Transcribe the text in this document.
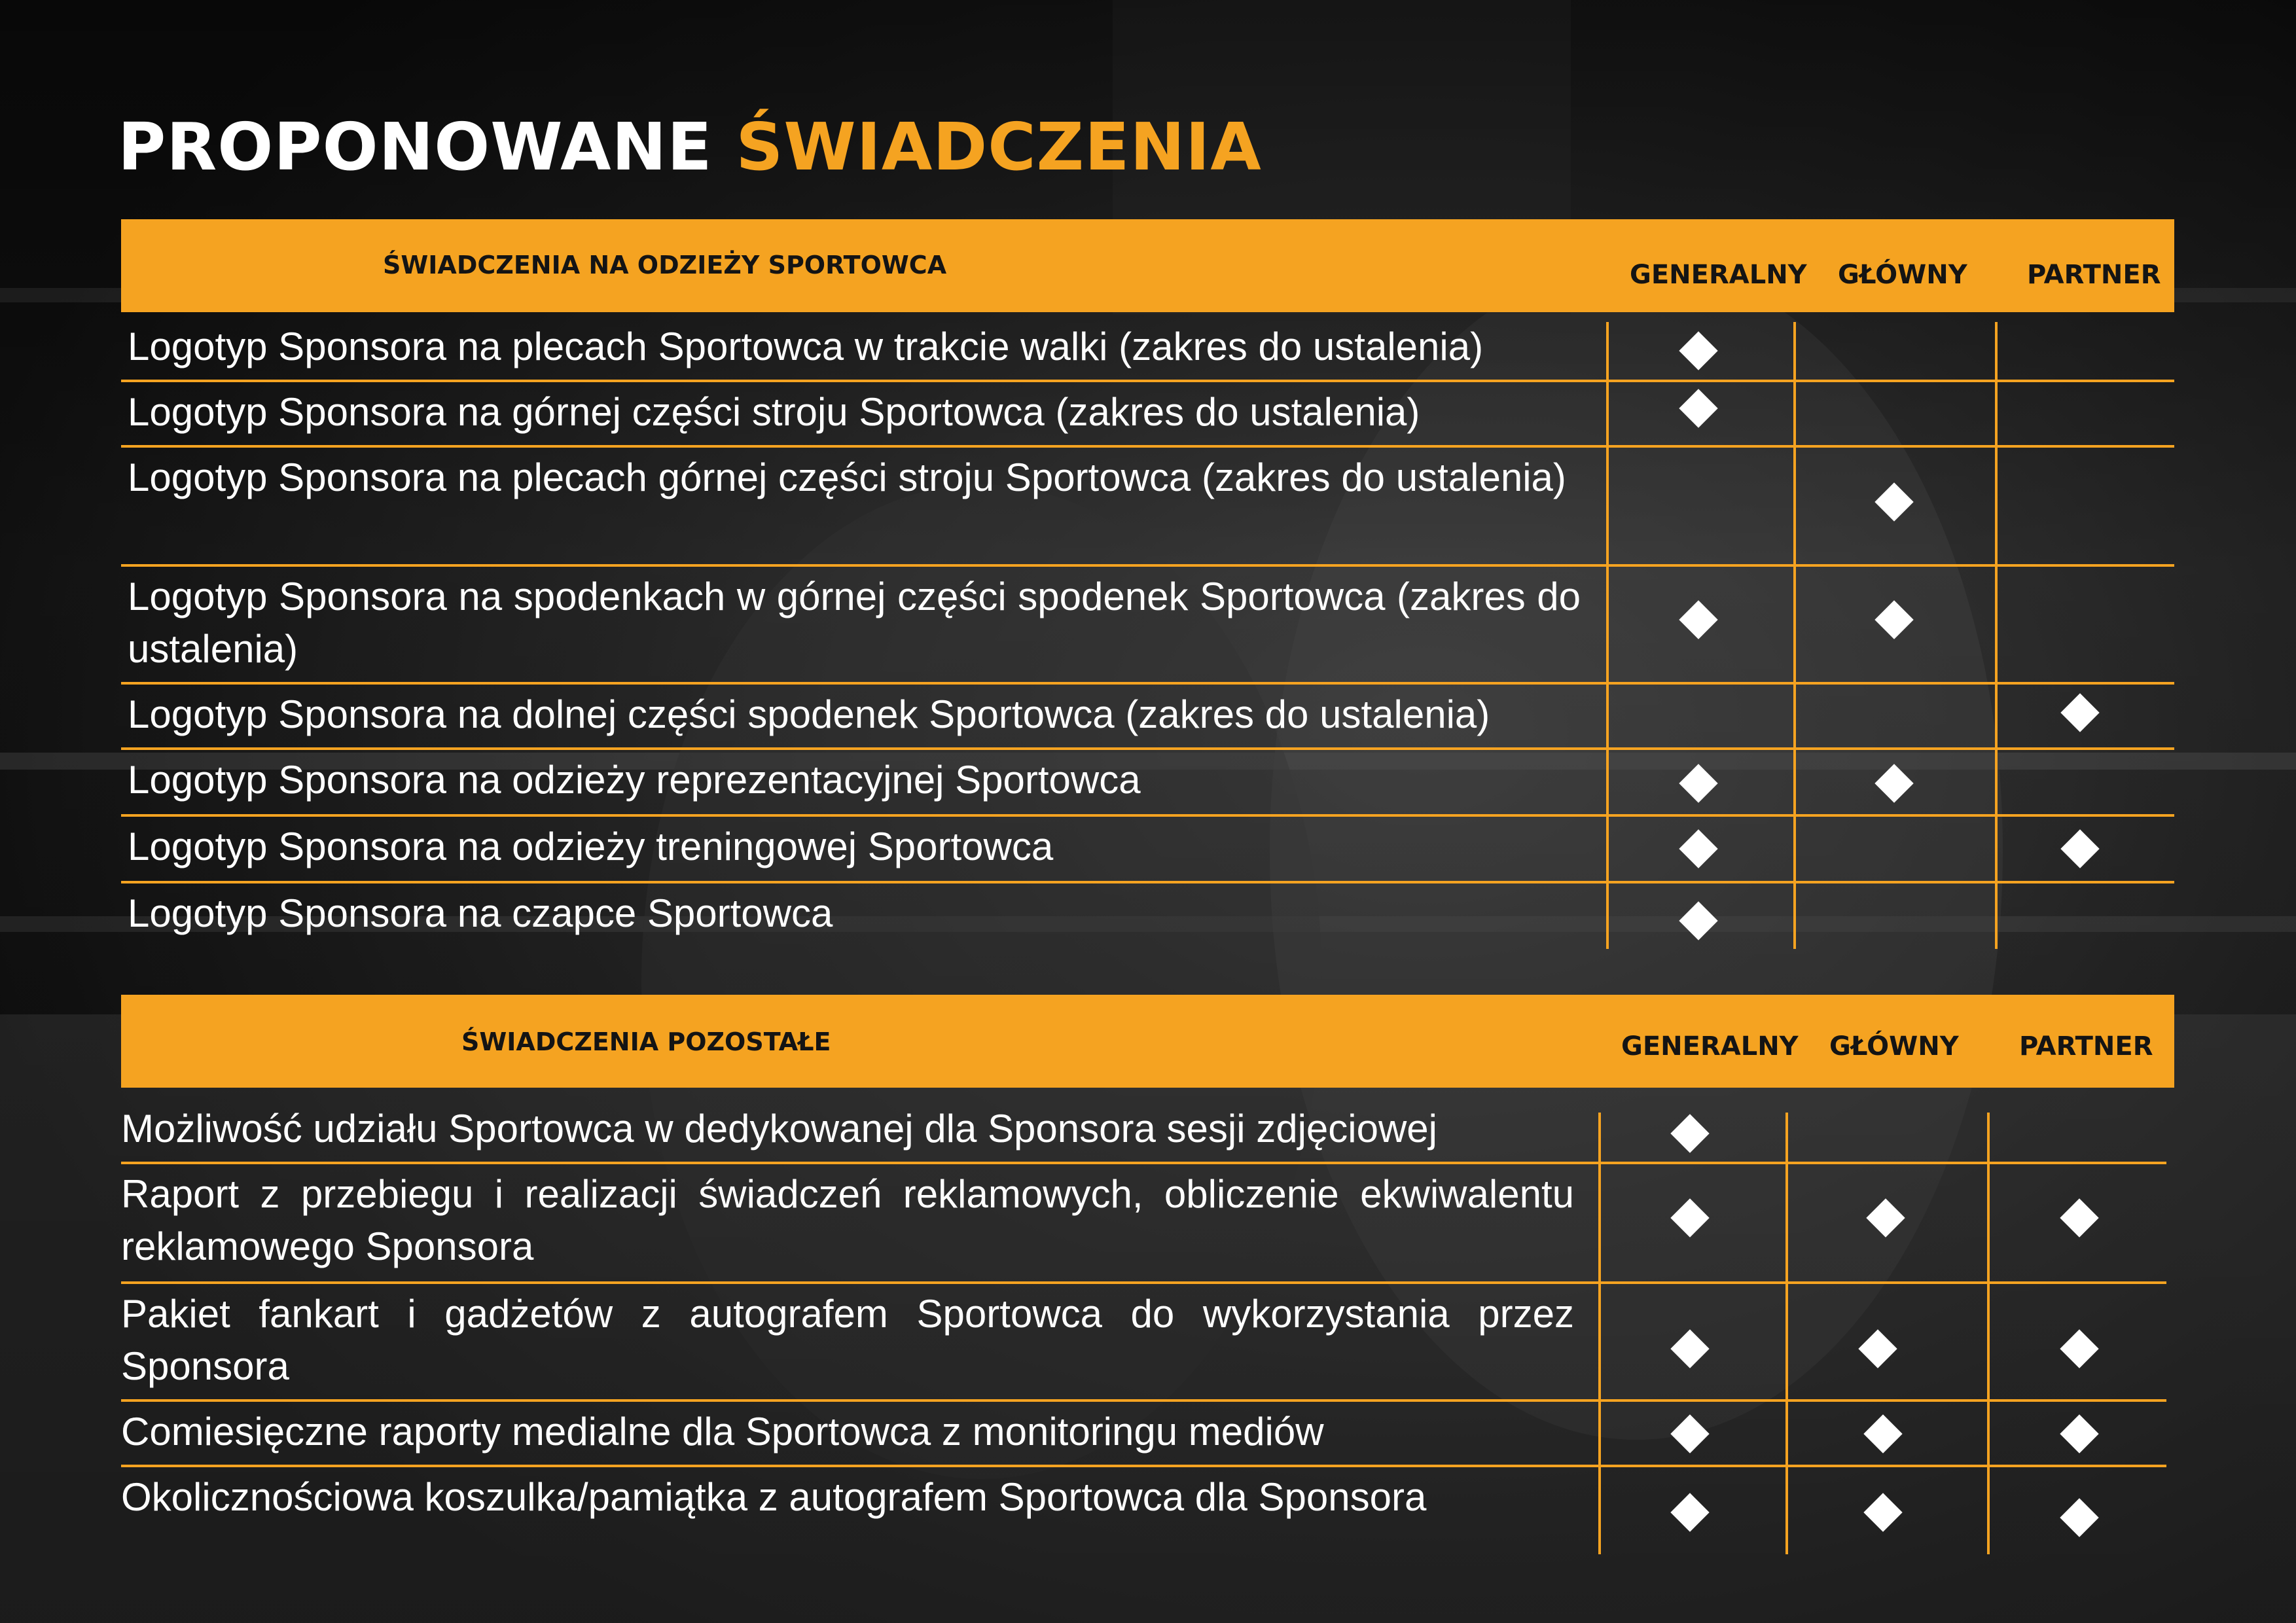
PROPONOWANE ŚWIADCZENIA
ŚWIADCZENIA NA ODZIEŻY SPORTOWCA	GENERALNY GŁÓWNY PARTNER
Logotyp Sponsora na plecach Sportowca w trakcie walki (zakres do ustalenia)
Logotyp Sponsora na górnej części stroju Sportowca (zakres do ustalenia)
Logotyp Sponsora na plecach górnej części stroju Sportowca (zakres do ustalenia)
Logotyp Sponsora na spodenkach w górnej części spodenek Sportowca (zakres do ustalenia)
Logotyp Sponsora na dolnej części spodenek Sportowca (zakres do ustalenia)
Logotyp Sponsora na odzieży reprezentacyjnej Sportowca
Logotyp Sponsora na odzieży treningowej Sportowca
Logotyp Sponsora na czapce Sportowca
ŚWIADCZENIA POZOSTAŁE	GENERALNY GŁÓWNY PARTNER
Możliwość udziału Sportowca w dedykowanej dla Sponsora sesji zdjęciowej
Raport z przebiegu i realizacji świadczeń reklamowych, obliczenie ekwiwalentu reklamowego Sponsora
Pakiet fankart i gadżetów z autografem Sportowca do wykorzystania przez Sponsora
Comiesięczne raporty medialne dla Sportowca z monitoringu mediów
Okolicznościowa koszulka/pamiątka z autografem Sportowca dla Sponsora
